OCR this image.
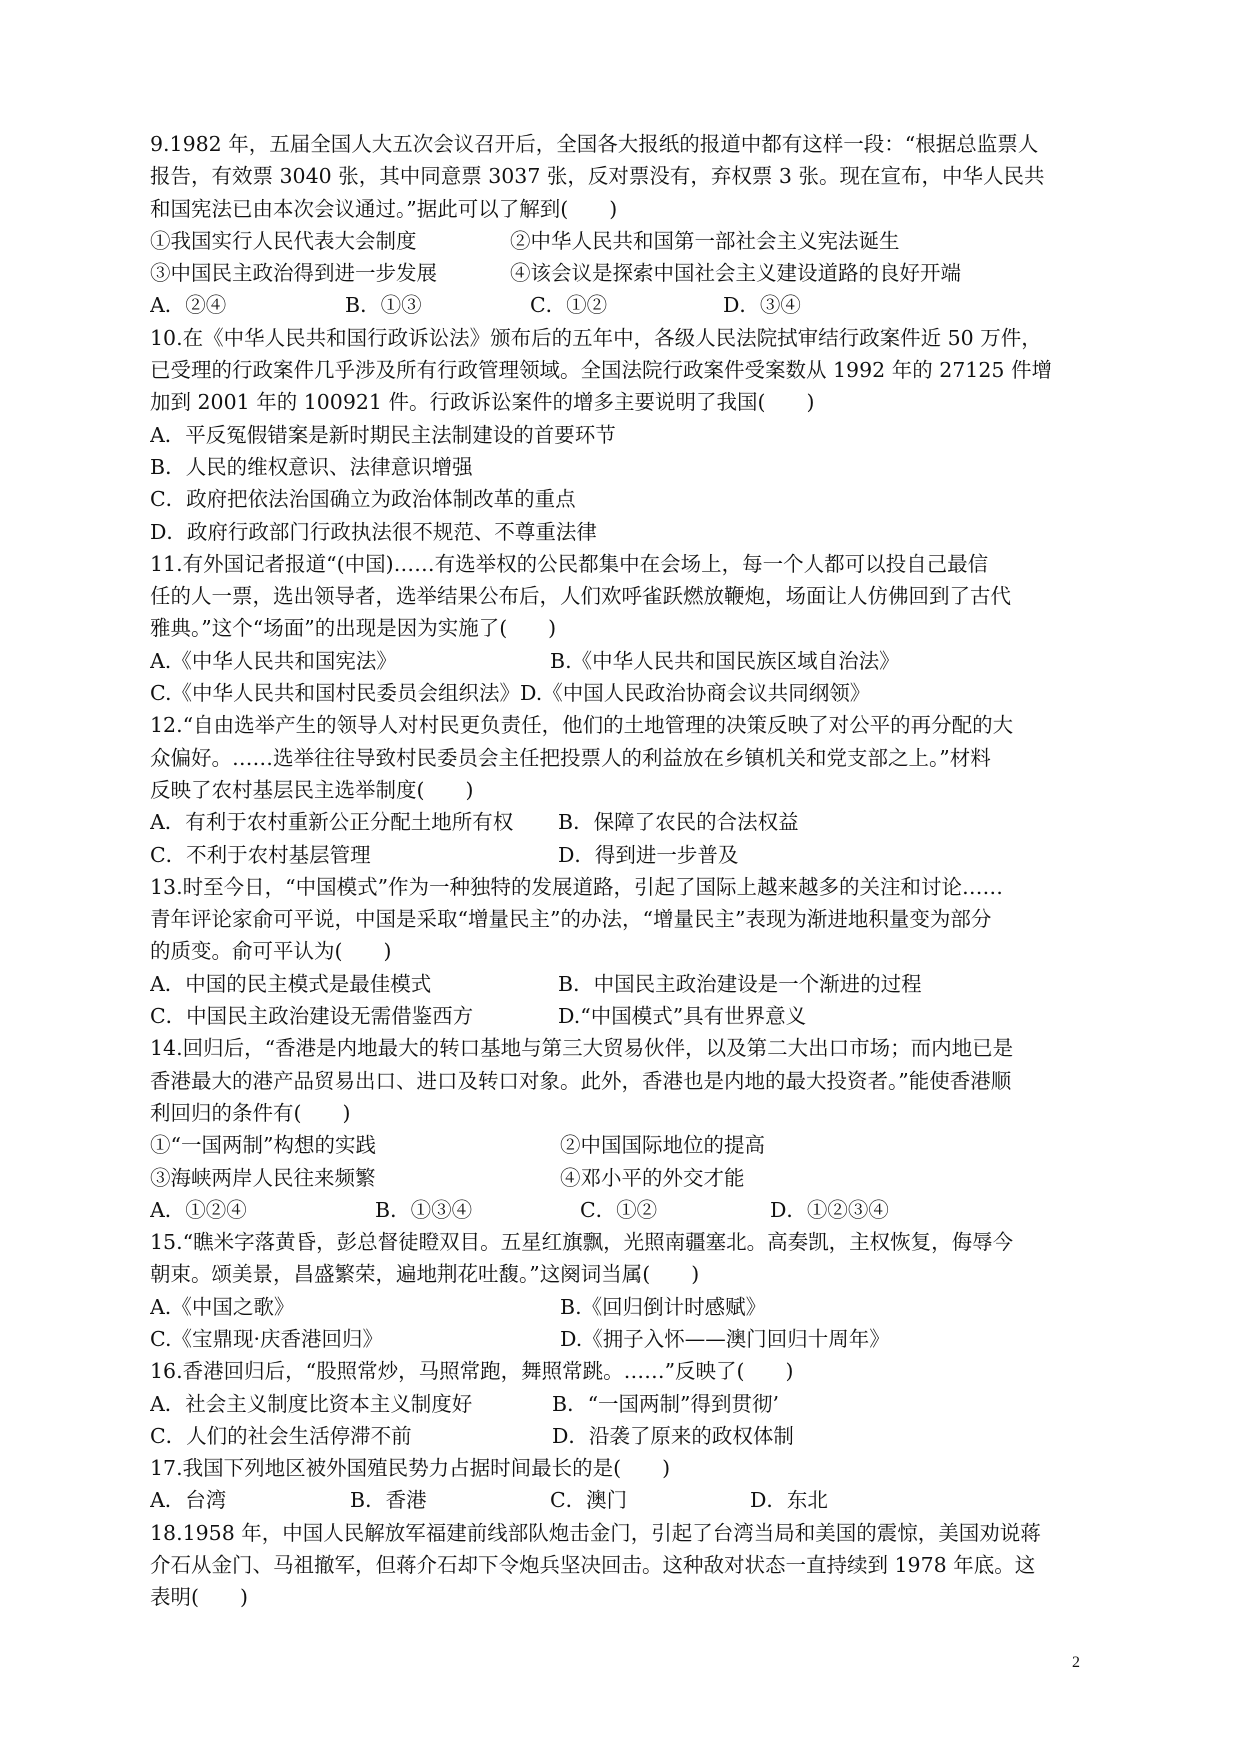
9.1982 年，五届全国人大五次会议召开后，全国各大报纸的报道中都有这样一段：“根据总监票人
报告，有效票 3040 张，其中同意票 3037 张，反对票没有，弃权票 3 张。现在宣布，中华人民共
和国宪法已由本次会议通过。”据此可以了解到(　　)
①我国实行人民代表大会制度	②中华人民共和国第一部社会主义宪法诞生
③中国民主政治得到进一步发展	④该会议是探索中国社会主义建设道路的良好开端
A．②④	B．①③	C．①②	D．③④
10.在《中华人民共和国行政诉讼法》颁布后的五年中，各级人民法院拭审结行政案件近 50 万件，
已受理的行政案件几乎涉及所有行政管理领域。全国法院行政案件受案数从 1992 年的 27125 件增
加到 2001 年的 100921 件。行政诉讼案件的增多主要说明了我国(　　)
A．平反冤假错案是新时期民主法制建设的首要环节
B．人民的维权意识、法律意识增强
C．政府把依法治国确立为政治体制改革的重点
D．政府行政部门行政执法很不规范、不尊重法律
11.有外国记者报道“(中国)……有选举权的公民都集中在会场上，每一个人都可以投自己最信
任的人一票，选出领导者，选举结果公布后，人们欢呼雀跃燃放鞭炮，场面让人仿佛回到了古代
雅典。”这个“场面”的出现是因为实施了(　　)
A.《中华人民共和国宪法》	B.《中华人民共和国民族区域自治法》
C.《中华人民共和国村民委员会组织法》 D.《中国人民政治协商会议共同纲领》
12.“自由选举产生的领导人对村民更负责任，他们的土地管理的决策反映了对公平的再分配的大
众偏好。……选举往往导致村民委员会主任把投票人的利益放在乡镇机关和党支部之上。”材料
反映了农村基层民主选举制度(　　)
A．有利于农村重新公正分配土地所有权	B．保障了农民的合法权益
C．不利于农村基层管理	D．得到进一步普及
13.时至今日，“中国模式”作为一种独特的发展道路，引起了国际上越来越多的关注和讨论……
青年评论家俞可平说，中国是采取“增量民主”的办法，“增量民主”表现为渐进地积量变为部分
的质变。俞可平认为(　　)
A．中国的民主模式是最佳模式	B．中国民主政治建设是一个渐进的过程
C．中国民主政治建设无需借鉴西方	D.“中国模式”具有世界意义
14.回归后，“香港是内地最大的转口基地与第三大贸易伙伴，以及第二大出口市场；而内地已是
香港最大的港产品贸易出口、进口及转口对象。此外，香港也是内地的最大投资者。”能使香港顺
利回归的条件有(　　)
①“一国两制”构想的实践	②中国国际地位的提高
③海峡两岸人民往来频繁	④邓小平的外交才能
A．①②④	B．①③④	C．①②	D．①②③④
15.“瞧米字落黄昏，彭总督徒瞪双目。五星红旗飘，光照南疆塞北。高奏凯，主权恢复，侮辱今
朝束。颂美景，昌盛繁荣，遍地荆花吐馥。”这阕词当属(　　)
A.《中国之歌》	B.《回归倒计时感赋》
C.《宝鼎现·庆香港回归》	D.《拥子入怀——澳门回归十周年》
16.香港回归后，“股照常炒，马照常跑，舞照常跳。……”反映了(　　)
A．社会主义制度比资本主义制度好	B．“一国两制”得到贯彻’
C．人们的社会生活停滞不前	D．沿袭了原来的政权体制
17.我国下列地区被外国殖民势力占据时间最长的是(　　)
A．台湾	B．香港	C．澳门	D．东北
18.1958 年，中国人民解放军福建前线部队炮击金门，引起了台湾当局和美国的震惊，美国劝说蒋
介石从金门、马祖撤军，但蒋介石却下令炮兵坚决回击。这种敌对状态一直持续到 1978 年底。这
表明(　　)
2
